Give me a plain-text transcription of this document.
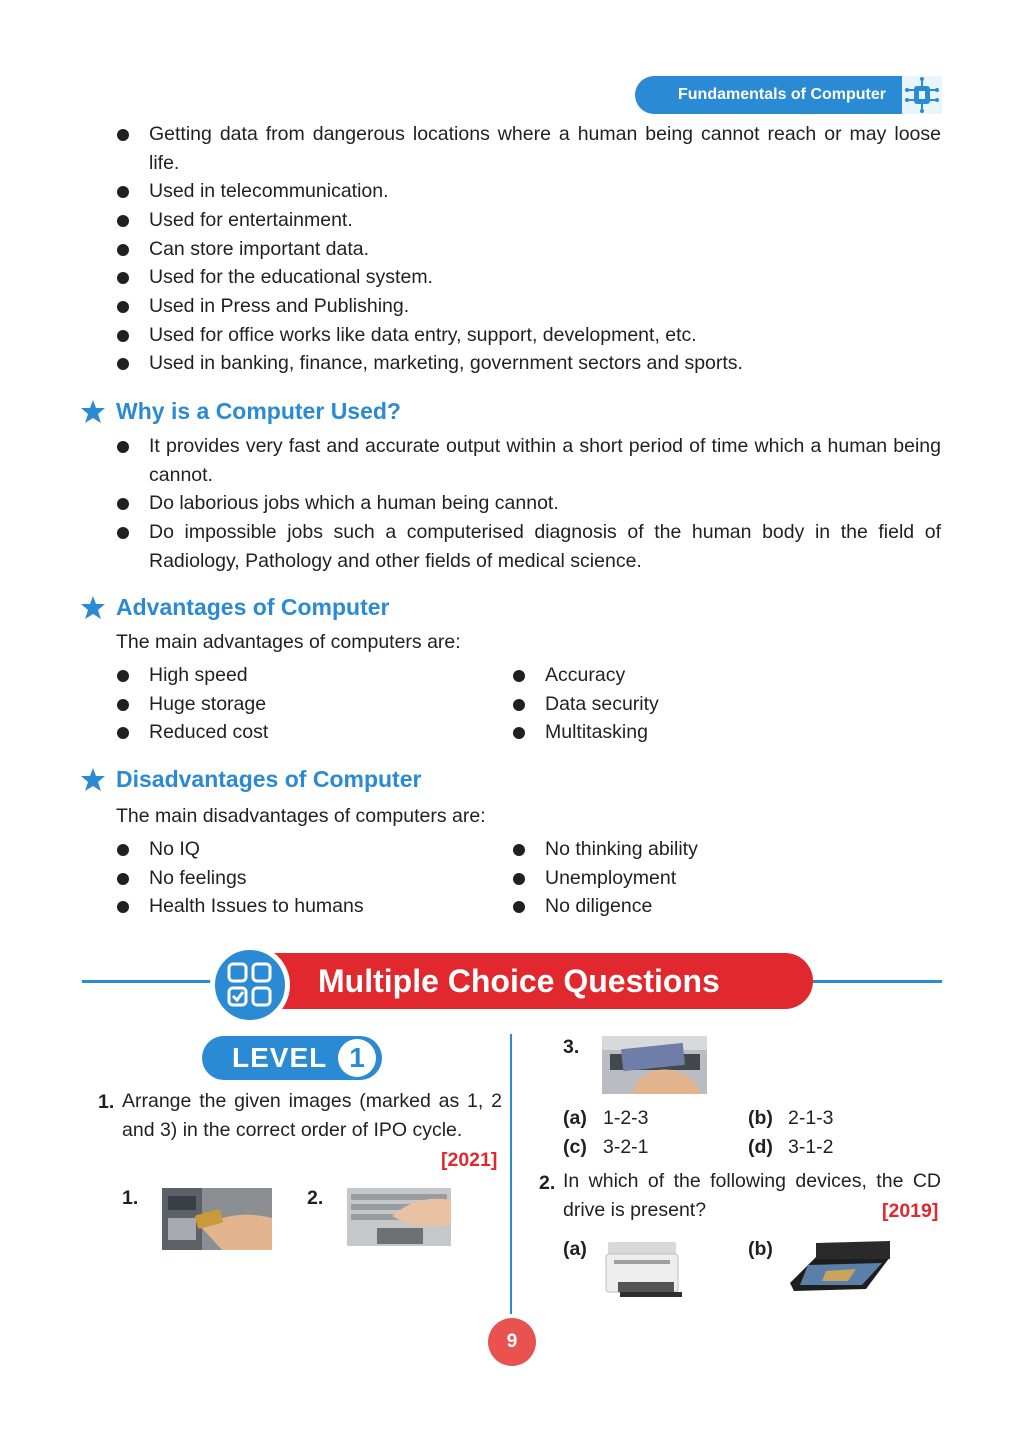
Fundamentals of Computer
Getting data from dangerous locations where a human being cannot reach or may loose life.
Used in telecommunication.
Used for entertainment.
Can store important data.
Used for the educational system.
Used in Press and Publishing.
Used for office works like data entry, support, development, etc.
Used in banking, finance, marketing, government sectors and sports.
Why is a Computer Used?
It provides very fast and accurate output within a short period of time which a human being cannot.
Do laborious jobs which a human being cannot.
Do impossible jobs such a computerised diagnosis of the human body in the field of Radiology, Pathology and other fields of medical science.
Advantages of Computer
The main advantages of computers are:
High speed
Huge storage
Reduced cost
Accuracy
Data security
Multitasking
Disadvantages of Computer
The main disadvantages of computers are:
No IQ
No feelings
Health Issues to humans
No thinking ability
Unemployment
No diligence
Multiple Choice Questions
LEVEL 1
1. Arrange the given images (marked as 1, 2 and 3) in the correct order of IPO cycle.
[2021]
1.	2.
3.
(a) 1-2-3	(b) 2-1-3
(c) 3-2-1	(d) 3-1-2
2. In which of the following devices, the CD drive is present?	[2019]
(a)	(b)
9
